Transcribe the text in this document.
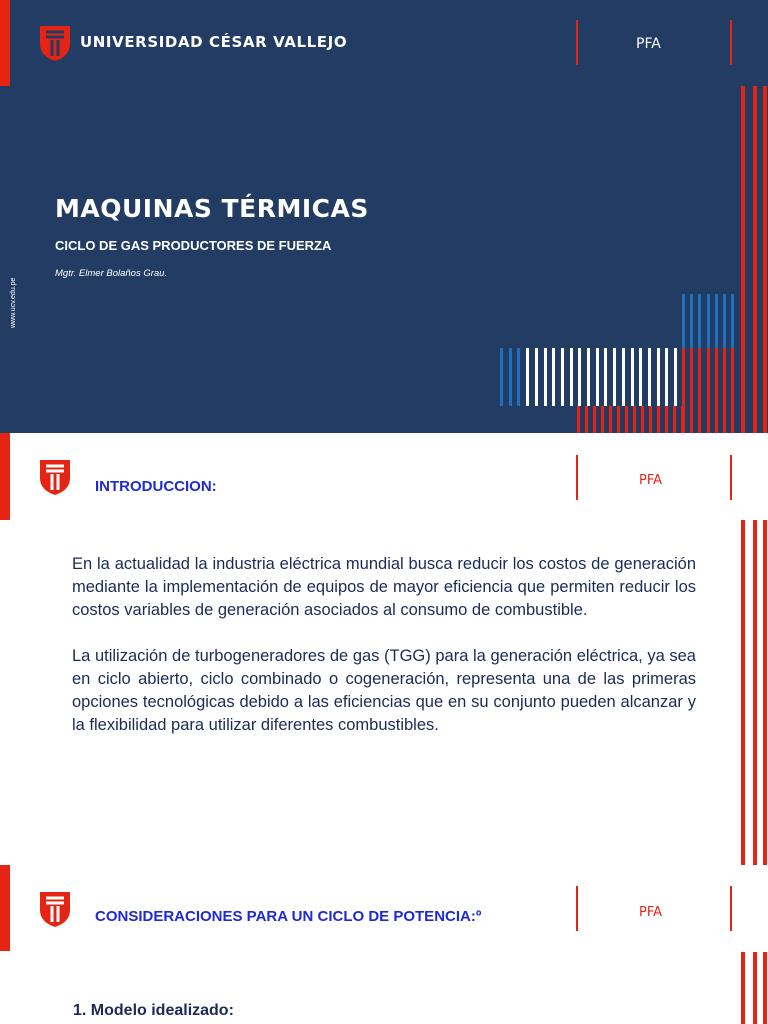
UNIVERSIDAD CÉSAR VALLEJO	PFA
MAQUINAS TÉRMICAS
CICLO DE GAS PRODUCTORES DE FUERZA
Mgtr. Elmer Bolaños Grau.
www.ucv.edu.pe
INTRODUCCION:	PFA

En la actualidad la industria eléctrica mundial busca reducir los costos de generación mediante la implementación de equipos de mayor eficiencia que permiten reducir los costos variables de generación asociados al consumo de combustible.

La utilización de turbogeneradores de gas (TGG) para la generación eléctrica, ya sea en ciclo abierto, ciclo combinado o cogeneración, representa una de las primeras opciones tecnológicas debido a las eficiencias que en su conjunto pueden alcanzar y la flexibilidad para utilizar diferentes combustibles.

CONSIDERACIONES PARA UN CICLO DE POTENCIA:º	PFA
1. Modelo idealizado:
